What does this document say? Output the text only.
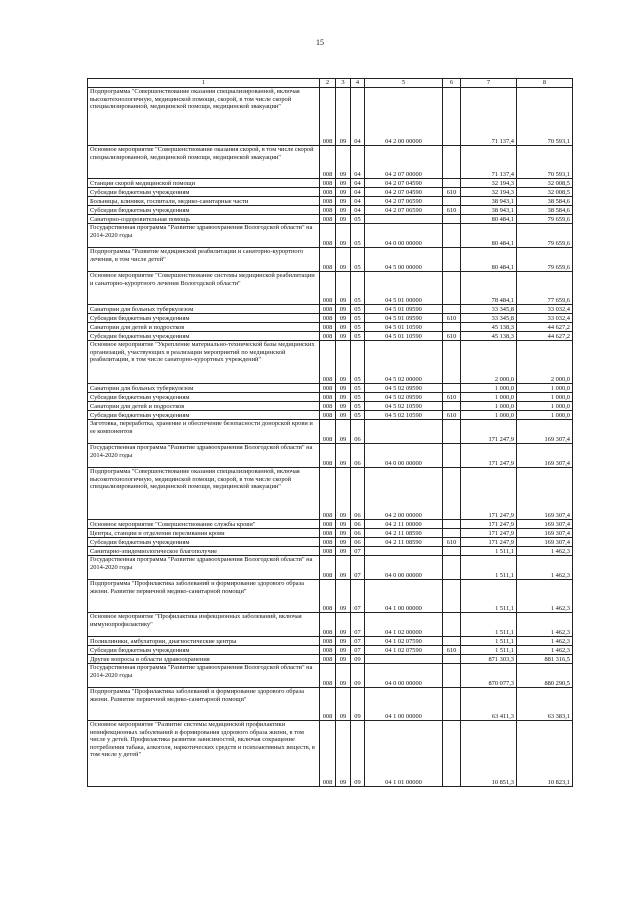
15
1	2	3	4	5	6	7	8
Подпрограмма "Совершенствование оказания специализированной, включая высокотехнологичную, медицинской помощи, скорой, в том числе скорой специализированной, медицинской помощи, медицинской эвакуации"	008	09	04	04 2 00 00000		71 137,4	70 593,1
Основное мероприятие "Совершенствование оказания скорой, в том числе скорой специализированной, медицинской помощи, медицинской эвакуации"	008	09	04	04 2 07 00000		71 137,4	70 593,1
Станции скорой медицинской помощи	008	09	04	04 2 07 04590		32 194,3	32 008,5
Субсидии бюджетным учреждениям	008	09	04	04 2 07 04590	610	32 194,3	32 008,5
Больницы, клиники, госпитали, медико-санитарные части	008	09	04	04 2 07 06590		38 943,1	38 584,6
Субсидии бюджетным учреждениям	008	09	04	04 2 07 06590	610	38 943,1	38 584,6
Санаторно-оздоровительная помощь	008	09	05			80 484,1	79 659,6
Государственная программа "Развитие здравоохранения Вологодской области" на 2014-2020 годы	008	09	05	04 0 00 00000		80 484,1	79 659,6
Подпрограмма "Развитие медицинской реабилитации и санаторно-курортного лечения, в том числе детей"	008	09	05	04 5 00 00000		80 484,1	79 659,6
Основное мероприятие "Совершенствование системы медицинской реабилитации и санаторно-курортного лечения Вологодской области"	008	09	05	04 5 01 00000		78 484,1	77 659,6
Санатории для больных туберкулезом	008	09	05	04 5 01 09590		33 345,8	33 032,4
Субсидии бюджетным учреждениям	008	09	05	04 5 01 09590	610	33 345,8	33 032,4
Санатории для детей и подростков	008	09	05	04 5 01 10590		45 138,3	44 627,2
Субсидии бюджетным учреждениям	008	09	05	04 5 01 10590	610	45 138,3	44 627,2
Основное мероприятие "Укрепление материально-технической базы медицинских организаций, участвующих в реализации мероприятий по медицинской реабилитации, в том числе санаторно-курортных учреждений"	008	09	05	04 5 02 00000		2 000,0	2 000,0
Санатории для больных туберкулезом	008	09	05	04 5 02 09590		1 000,0	1 000,0
Субсидии бюджетным учреждениям	008	09	05	04 5 02 09590	610	1 000,0	1 000,0
Санатории для детей и подростков	008	09	05	04 5 02 10590		1 000,0	1 000,0
Субсидии бюджетным учреждениям	008	09	05	04 5 02 10590	610	1 000,0	1 000,0
Заготовка, переработка, хранение и обеспечение безопасности донорской крови и ее компонентов	008	09	06			171 247,9	169 307,4
Государственная программа "Развитие здравоохранения Вологодской области" на 2014-2020 годы	008	09	06	04 0 00 00000		171 247,9	169 307,4
Подпрограмма "Совершенствование оказания специализированной, включая высокотехнологичную, медицинской помощи, скорой, в том числе скорой специализированной, медицинской помощи, медицинской эвакуации"	008	09	06	04 2 00 00000		171 247,9	169 307,4
Основное мероприятие "Совершенствование службы крови"	008	09	06	04 2 11 00000		171 247,9	169 307,4
Центры, станции и отделения переливания крови	008	09	06	04 2 11 08590		171 247,9	169 307,4
Субсидии бюджетным учреждениям	008	09	06	04 2 11 08590	610	171 247,9	169 307,4
Санитарно-эпидемиологическое благополучие	008	09	07			1 511,1	1 462,3
Государственная программа "Развитие здравоохранения Вологодской области" на 2014-2020 годы	008	09	07	04 0 00 00000		1 511,1	1 462,3
Подпрограмма "Профилактика заболеваний и формирование здорового образа жизни. Развитие первичной медико-санитарной помощи"	008	09	07	04 1 00 00000		1 511,1	1 462,3
Основное мероприятие "Профилактика инфекционных заболеваний, включая иммунопрофилактику"	008	09	07	04 1 02 00000		1 511,1	1 462,3
Поликлиники, амбулатории, диагностические центры	008	09	07	04 1 02 07590		1 511,1	1 462,3
Субсидии бюджетным учреждениям	008	09	07	04 1 02 07590	610	1 511,1	1 462,3
Другие вопросы в области здравоохранения	008	09	09			871 303,3	881 316,5
Государственная программа "Развитие здравоохранения Вологодской области" на 2014-2020 годы	008	09	09	04 0 00 00000		870 077,3	880 290,5
Подпрограмма "Профилактика заболеваний и формирование здорового образа жизни. Развитие первичной медико-санитарной помощи"	008	09	09	04 1 00 00000		63 411,3	63 383,1
Основное мероприятие "Развитие системы медицинской профилактики неинфекционных заболеваний и формирования здорового образа жизни, в том числе у детей. Профилактика развития зависимостей, включая сокращение потребления табака, алкоголя, наркотических средств и психоактивных веществ, в том числе у детей"	008	09	09	04 1 01 00000		10 851,3	10 823,1
